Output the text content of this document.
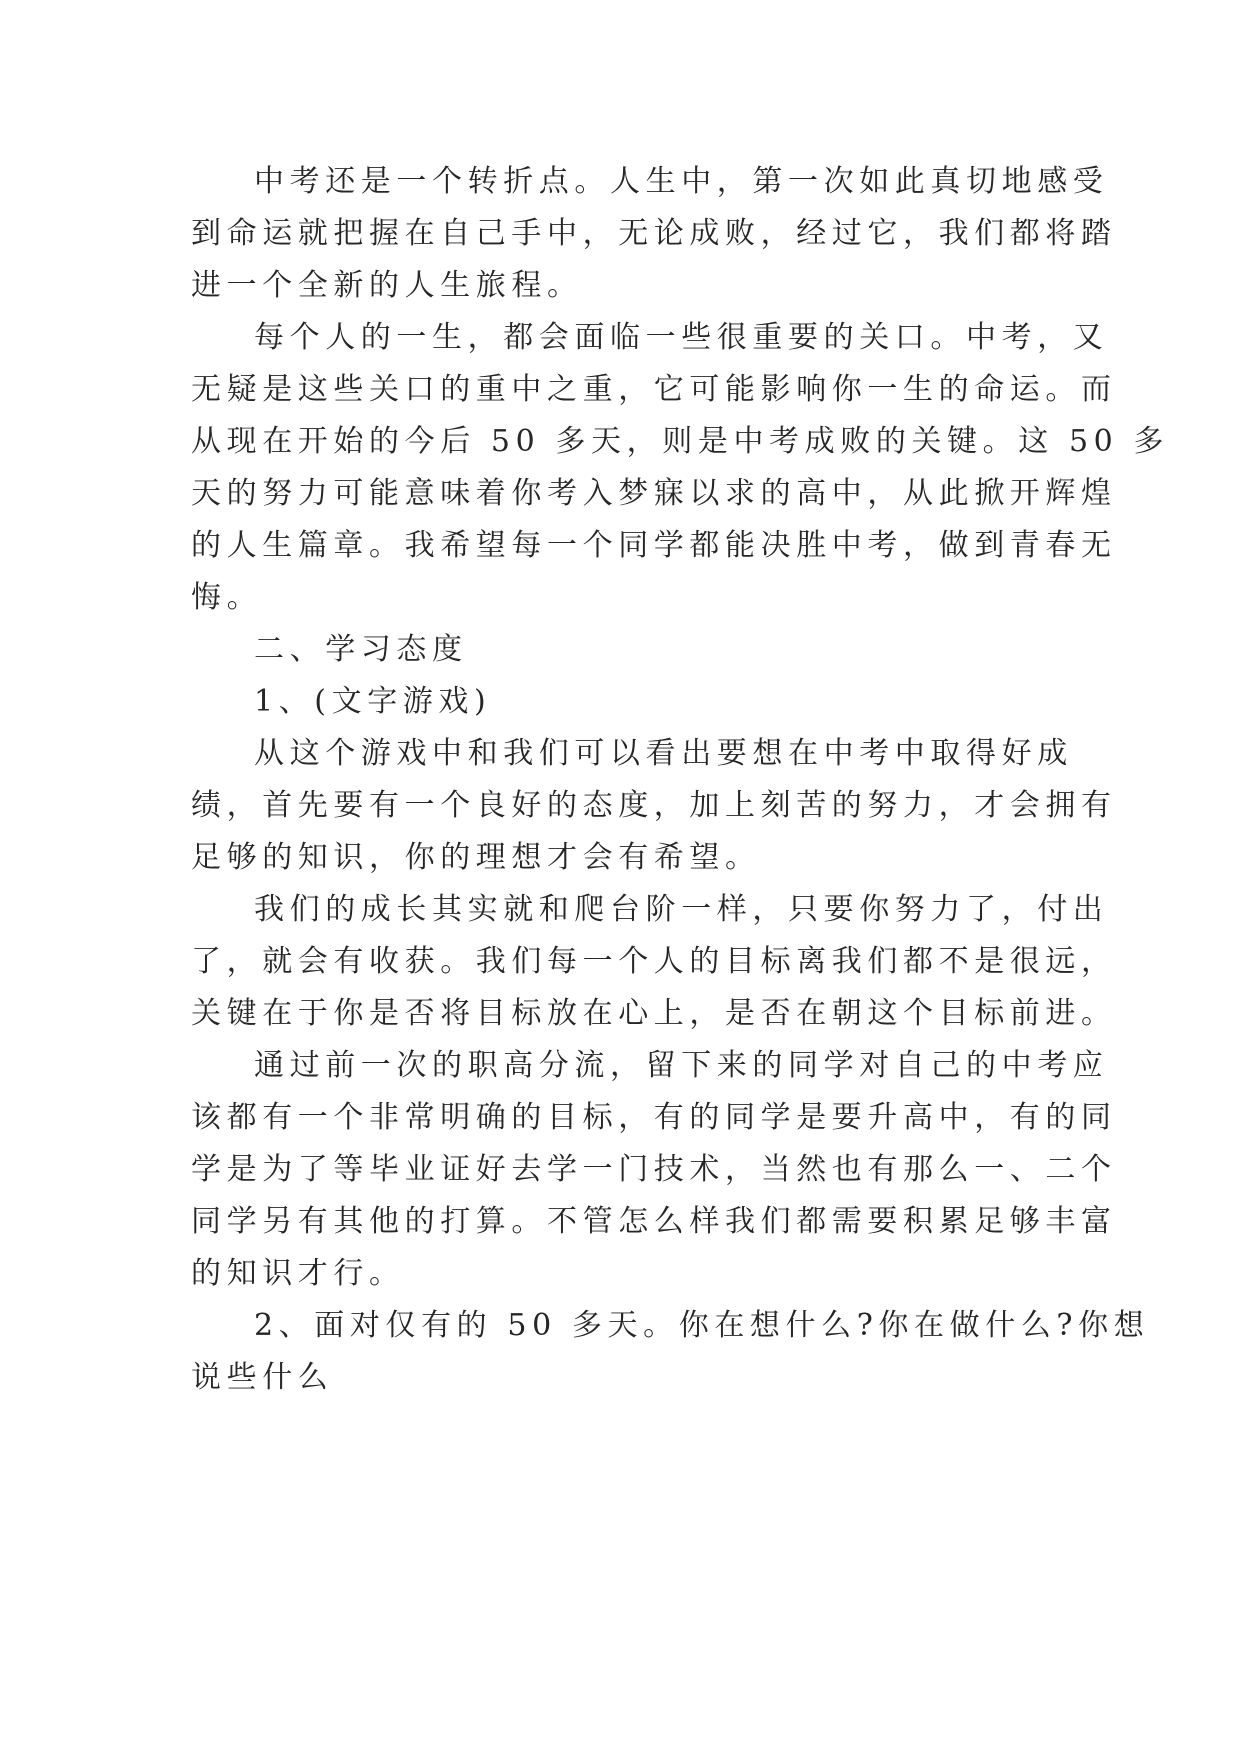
中考还是一个转折点。人生中，第一次如此真切地感受
到命运就把握在自己手中，无论成败，经过它，我们都将踏
进一个全新的人生旅程。
每个人的一生，都会面临一些很重要的关口。中考，又
无疑是这些关口的重中之重，它可能影响你一生的命运。而
从现在开始的今后 50 多天，则是中考成败的关键。这 50 多
天的努力可能意味着你考入梦寐以求的高中，从此掀开辉煌
的人生篇章。我希望每一个同学都能决胜中考，做到青春无
悔。
二、学习态度
1、(文字游戏)
从这个游戏中和我们可以看出要想在中考中取得好成
绩，首先要有一个良好的态度，加上刻苦的努力，才会拥有
足够的知识，你的理想才会有希望。
我们的成长其实就和爬台阶一样，只要你努力了，付出
了，就会有收获。我们每一个人的目标离我们都不是很远，
关键在于你是否将目标放在心上，是否在朝这个目标前进。
通过前一次的职高分流，留下来的同学对自己的中考应
该都有一个非常明确的目标，有的同学是要升高中，有的同
学是为了等毕业证好去学一门技术，当然也有那么一、二个
同学另有其他的打算。不管怎么样我们都需要积累足够丰富
的知识才行。
2、面对仅有的 50 多天。你在想什么?你在做什么?你想
说些什么
